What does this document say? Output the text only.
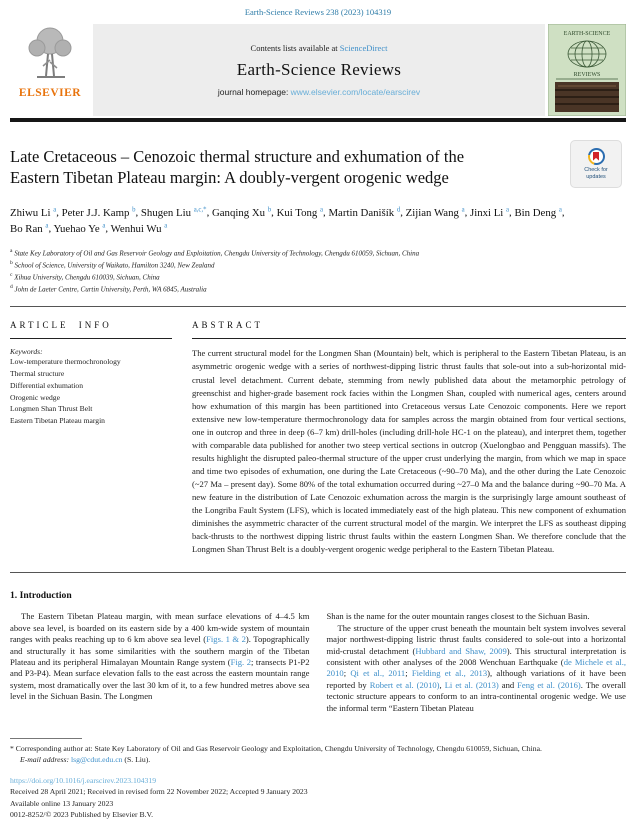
Earth-Science Reviews 238 (2023) 104319
ELSEVIER
Contents lists available at ScienceDirect
Earth-Science Reviews
journal homepage: www.elsevier.com/locate/earscirev
EARTH-SCIENCE
REVIEWS
Late Cretaceous – Cenozoic thermal structure and exhumation of the
Eastern Tibetan Plateau margin: A doubly-vergent orogenic wedge	Check for
updates
Zhiwu Li $^a$, Peter J.J. Kamp $^b$, Shugen Liu $^{a,c,*}$, Ganqing Xu $^b$, Kui Tong $^a$, Martin Danišík $^d$, Zijian Wang $^a$, Jinxi Li $^a$, Bin Deng $^a$, Bo Ran $^a$, Yuehao Ye $^a$, Wenhui Wu $^a$
$^a$ State Key Laboratory of Oil and Gas Reservoir Geology and Exploitation, Chengdu University of Technology, Chengdu 610059, Sichuan, China
$^b$ School of Science, University of Waikato, Hamilton 3240, New Zealand
$^c$ Xihua University, Chengdu 610039, Sichuan, China
$^d$ John de Laeter Centre, Curtin University, Perth, WA 6845, Australia
ARTICLE INFO
Keywords:
Low-temperature thermochronology
Thermal structure
Differential exhumation
Orogenic wedge
Longmen Shan Thrust Belt
Eastern Tibetan Plateau margin
ABSTRACT
The current structural model for the Longmen Shan (Mountain) belt, which is peripheral to the Eastern Tibetan Plateau, is an asymmetric orogenic wedge with a series of northwest-dipping listric thrust faults that sole-out into a sub-horizontal mid-crustal level detachment. Current debate, stemming from newly published data about the metamorphic petrology of greenschist and higher-grade basement rock facies within the Longmen Shan, coupled with numerical ages, centers around how exhumation of this margin has been partitioned into Cretaceous versus Late Cenozoic components. Here we report extensive new low-temperature thermochronology data for samples across the margin obtained from four vertical sections, one in outcrop and three in deep (6–7 km) drill-holes (including drill-hole HC-1 on the plateau), and interpret them, together with comparable data published for another two steep vertical sections in outcrop (Xuelongbao and Pengguan massifs). The results highlight the disrupted paleo-thermal structure of the upper crust underlying the margin, from which we map in space and time two episodes of exhumation, one during the Late Cretaceous (~90–70 Ma), and the other during the Late Cenozoic (~27 Ma – present day). Some 80% of the total exhumation occurred during ~27–0 Ma and the balance during ~90–70 Ma. A new feature in the distribution of Late Cenozoic exhumation across the margin is the surprisingly large amount southeast of the Longriba Fault System (LFS), which is located immediately east of the high plateau. This new component of exhumation diminishes the asymmetric character of the current structural model of the margin. We interpret the LFS as southeast dipping back-thrusts to the northwest dipping listric thrust faults within the eastern Longmen Shan. We therefore conclude that the Longmen Shan Thrust Belt is a doubly-vergent orogenic wedge peripheral to the Eastern Tibetan Plateau.
1. Introduction

The Eastern Tibetan Plateau margin, with mean surface elevations of 4–4.5 km above sea level, is boarded on its eastern side by a 400 km-wide system of mountain ranges with peaks reaching up to 6 km above sea level (Figs. 1 & 2). Topographically and structurally it has some similarities with the southern margin of the Tibetan Plateau and its peripheral Himalayan Mountain Range system (Fig. 2; transects P1-P2 and P3-P4). Mean surface elevation falls to the east across the eastern mountain range system, most dramatically over the last 30 km of it, to a few hundred metres above sea level in the Sichuan Basin. The Longmen

Shan is the name for the outer mountain ranges closest to the Sichuan Basin.

The structure of the upper crust beneath the mountain belt system involves several major northwest-dipping listric thrust faults considered to sole-out into a horizontal mid-crustal detachment (Hubbard and Shaw, 2009). This structural interpretation is consistent with other analyses of the 2008 Wenchuan Earthquake (de Michele et al., 2010; Qi et al., 2011; Fielding et al., 2013), although variations of it have been reported by Robert et al. (2010), Li et al. (2013) and Feng et al. (2016). The overall tectonic structure appears to conform to an intra-continental orogenic wedge. We use the informal term “Eastern Tibetan Plateau

* Corresponding author at: State Key Laboratory of Oil and Gas Reservoir Geology and Exploitation, Chengdu University of Technology, Chengdu 610059, Sichuan, China.
E-mail address: lsg@cdut.edu.cn (S. Liu).
https://doi.org/10.1016/j.earscirev.2023.104319
Received 28 April 2021; Received in revised form 22 November 2022; Accepted 9 January 2023
Available online 13 January 2023
0012-8252/© 2023 Published by Elsevier B.V.
